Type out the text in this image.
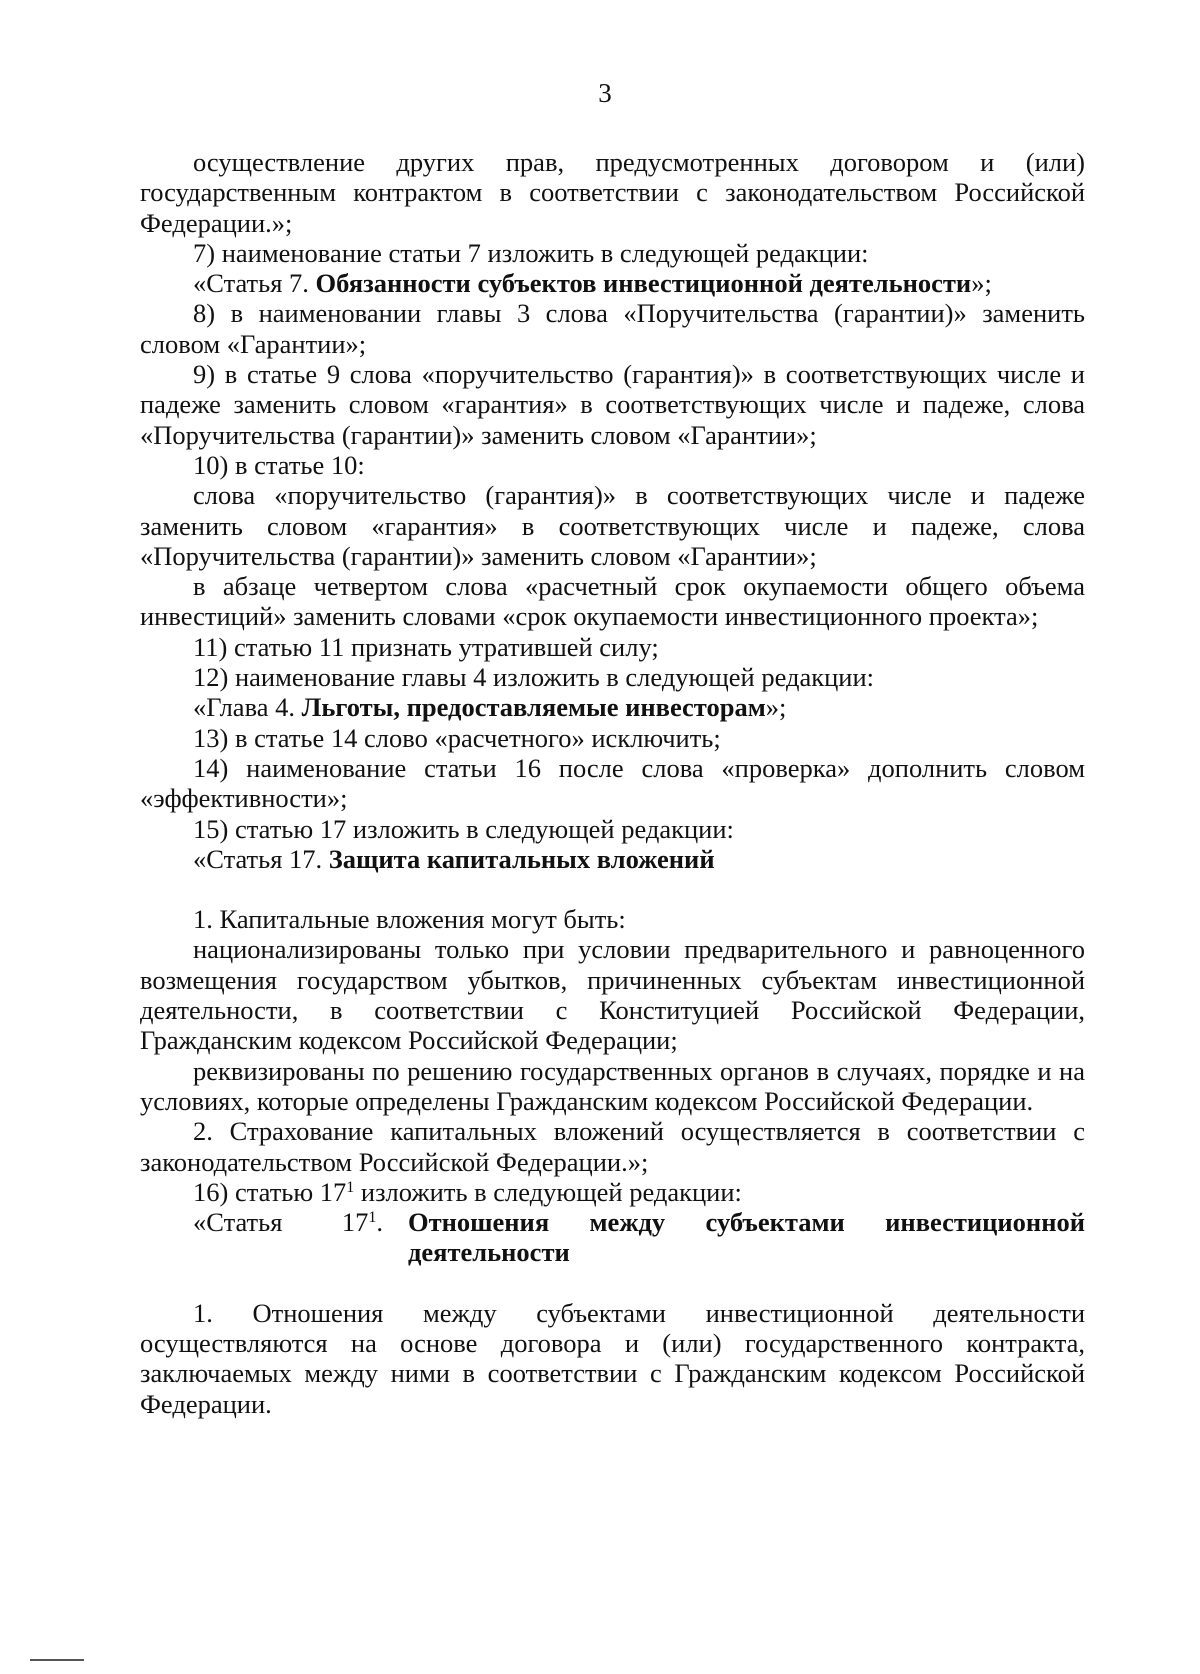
3

осуществление других прав, предусмотренных договором и (или) государственным контрактом в соответствии с законодательством Российской Федерации.»;

7) наименование статьи 7 изложить в следующей редакции:

«Статья 7. Обязанности субъектов инвестиционной деятельности»;

8) в наименовании главы 3 слова «Поручительства (гарантии)» заменить словом «Гарантии»;

9) в статье 9 слова «поручительство (гарантия)» в соответствующих числе и падеже заменить словом «гарантия» в соответствующих числе и падеже, слова «Поручительства (гарантии)» заменить словом «Гарантии»;

10) в статье 10:

слова «поручительство (гарантия)» в соответствующих числе и падеже заменить словом «гарантия» в соответствующих числе и падеже, слова «Поручительства (гарантии)» заменить словом «Гарантии»;

в абзаце четвертом слова «расчетный срок окупаемости общего объема инвестиций» заменить словами «срок окупаемости инвестиционного проекта»;

11) статью 11 признать утратившей силу;

12) наименование главы 4 изложить в следующей редакции:

«Глава 4. Льготы, предоставляемые инвесторам»;

13) в статье 14 слово «расчетного» исключить;

14) наименование статьи 16 после слова «проверка» дополнить словом «эффективности»;

15) статью 17 изложить в следующей редакции:

«Статья 17. Защита капитальных вложений

1. Капитальные вложения могут быть:

национализированы только при условии предварительного и равноценного возмещения государством убытков, причиненных субъектам инвестиционной деятельности, в соответствии с Конституцией Российской Федерации, Гражданским кодексом Российской Федерации;

реквизированы по решению государственных органов в случаях, порядке и на условиях, которые определены Гражданским кодексом Российской Федерации.

2. Страхование капитальных вложений осуществляется в соответствии с законодательством Российской Федерации.»;

16) статью $17^1$ изложить в следующей редакции:

«Статья $17^1$. Отношения между субъектами инвестиционной
деятельности

1. Отношения между субъектами инвестиционной деятельности осуществляются на основе договора и (или) государственного контракта, заключаемых между ними в соответствии с Гражданским кодексом Российской Федерации.
